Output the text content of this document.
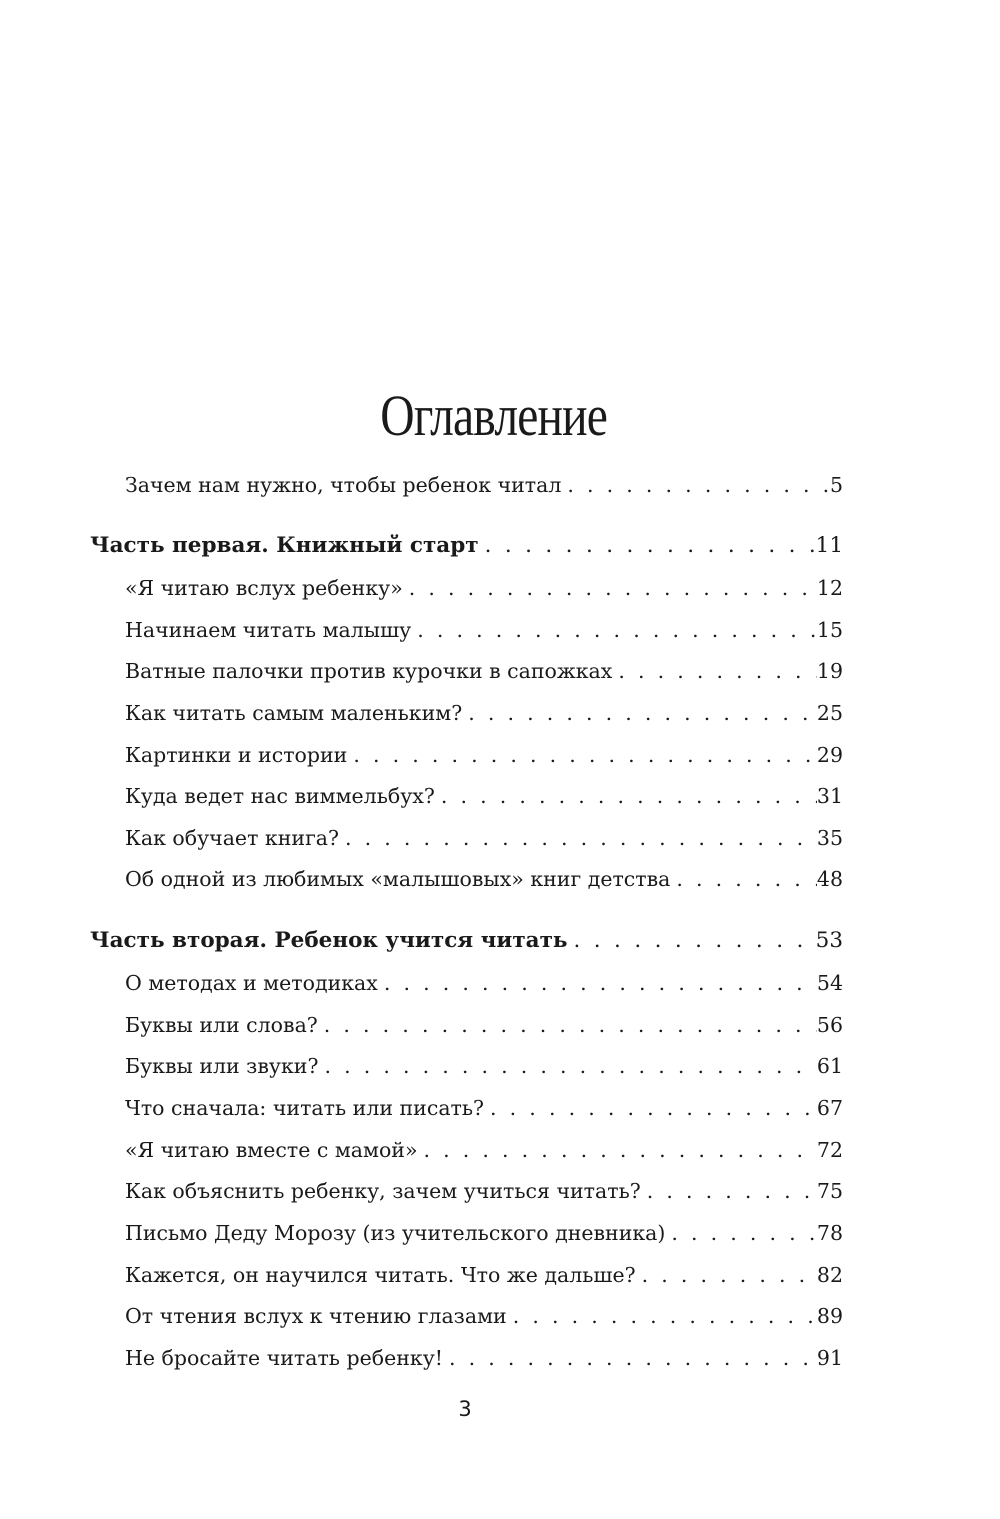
Оглавление
Зачем нам нужно, чтобы ребенок читал . . .	5
Часть первая. Книжный старт . . .	11
«Я читаю вслух ребенку» . . .	12
Начинаем читать малышу . . .	15
Ватные палочки против курочки в сапожках . . .	19
Как читать самым маленьким? . . .	25
Картинки и истории . . .	29
Куда ведет нас виммельбух? . . .	31
Как обучает книга? . . .	35
Об одной из любимых «малышовых» книг детства . . .	48
Часть вторая. Ребенок учится читать . . .	53
О методах и методиках . . .	54
Буквы или слова? . . .	56
Буквы или звуки? . . .	61
Что сначала: читать или писать? . . .	67
«Я читаю вместе с мамой» . . .	72
Как объяснить ребенку, зачем учиться читать? . . .	75
Письмо Деду Морозу (из учительского дневника) . . .	78
Кажется, он научился читать. Что же дальше? . . .	82
От чтения вслух к чтению глазами . . .	89
Не бросайте читать ребенку! . . .	91
3
